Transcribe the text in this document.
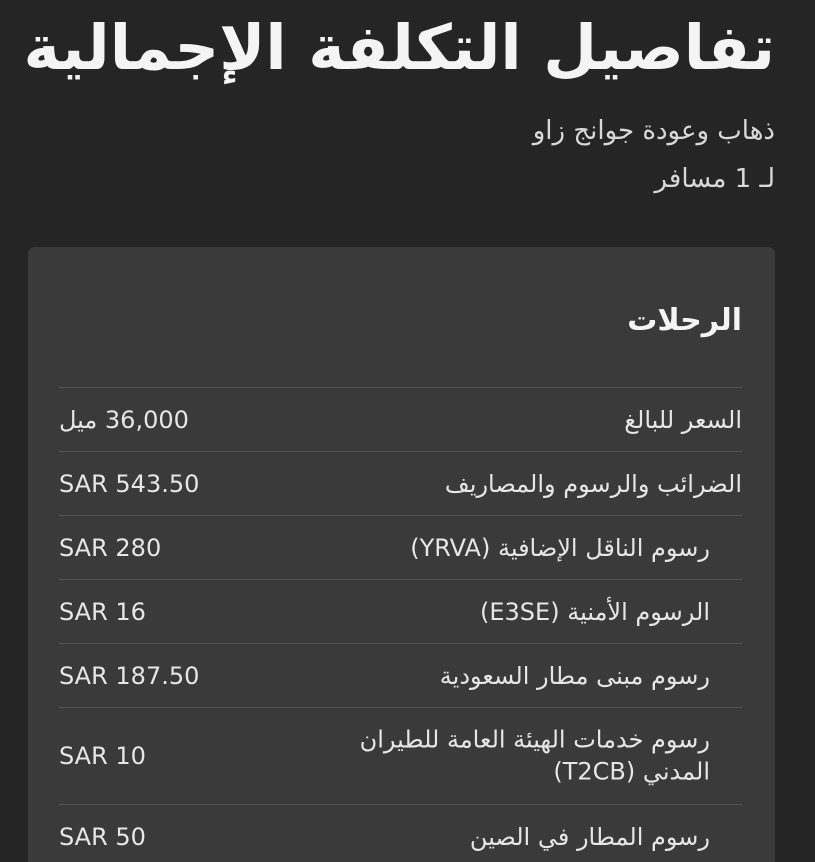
تفاصيل التكلفة الإجمالية
ذهاب وعودة جوانج زاو
لـ 1 مسافر
الرحلات
السعر للبالغ
36,000 ميل
الضرائب والرسوم والمصاريف
SAR 543.50
رسوم الناقل الإضافية (YRVA)
SAR 280
الرسوم الأمنية (E3SE)
SAR 16
رسوم مبنى مطار السعودية
SAR 187.50
رسوم خدمات الهيئة العامة للطيران
المدني (T2CB)
SAR 10
رسوم المطار في الصين
SAR 50
